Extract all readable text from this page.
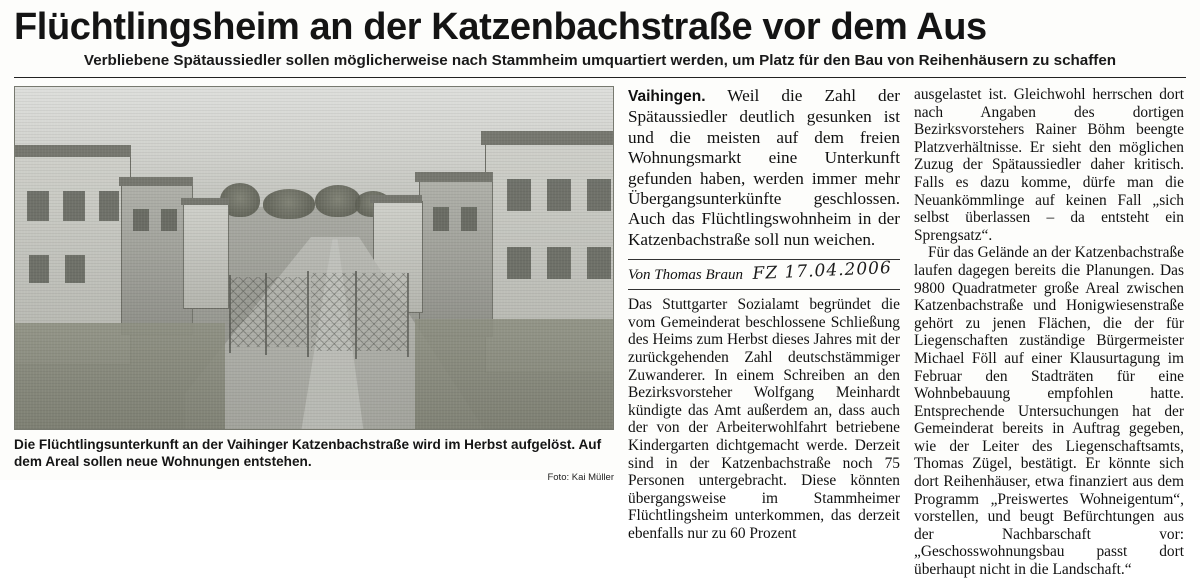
Flüchtlingsheim an der Katzenbachstraße vor dem Aus
Verbliebene Spätaussiedler sollen möglicherweise nach Stammheim umquartiert werden, um Platz für den Bau von Reihenhäusern zu schaffen
Die Flüchtlingsunterkunft an der Vaihinger Katzenbachstraße wird im Herbst aufgelöst. Auf dem Areal sollen neue Wohnungen entstehen.
Foto: Kai Müller
Vaihingen. Weil die Zahl der Spätaussiedler deutlich gesunken ist und die meisten auf dem freien Wohnungsmarkt eine Unterkunft gefunden haben, werden immer mehr Übergangsunterkünfte geschlossen. Auch das Flüchtlingswohnheim in der Katzenbachstraße soll nun weichen.
Von Thomas Braun FZ 17.04.2006

Das Stuttgarter Sozialamt begründet die vom Gemeinderat beschlossene Schließung des Heims zum Herbst dieses Jahres mit der zurückgehenden Zahl deutschstämmiger Zuwanderer. In einem Schreiben an den Bezirksvorsteher Wolfgang Meinhardt kündigte das Amt außerdem an, dass auch der von der Arbeiterwohlfahrt betriebene Kindergarten dichtgemacht werde. Derzeit sind in der Katzenbachstraße noch 75 Personen untergebracht. Diese könnten übergangsweise im Stammheimer Flüchtlingsheim unterkommen, das derzeit ebenfalls nur zu 60 Prozent

ausgelastet ist. Gleichwohl herrschen dort nach Angaben des dortigen Bezirksvorstehers Rainer Böhm beengte Platzverhältnisse. Er sieht den möglichen Zuzug der Spätaussiedler daher kritisch. Falls es dazu komme, dürfe man die Neuankömmlinge auf keinen Fall „sich selbst überlassen – da entsteht ein Sprengsatz“.

Für das Gelände an der Katzenbachstraße laufen dagegen bereits die Planungen. Das 9800 Quadratmeter große Areal zwischen Katzenbachstraße und Honigwiesenstraße gehört zu jenen Flächen, die der für Liegenschaften zuständige Bürgermeister Michael Föll auf einer Klausurtagung im Februar den Stadträten für eine Wohnbebauung empfohlen hatte. Entsprechende Untersuchungen hat der Gemeinderat bereits in Auftrag gegeben, wie der Leiter des Liegenschaftsamts, Thomas Zügel, bestätigt. Er könnte sich dort Reihenhäuser, etwa finanziert aus dem Programm „Preiswertes Wohneigentum“, vorstellen, und beugt Befürchtungen aus der Nachbarschaft vor: „Geschosswohnungsbau passt dort überhaupt nicht in die Landschaft.“
